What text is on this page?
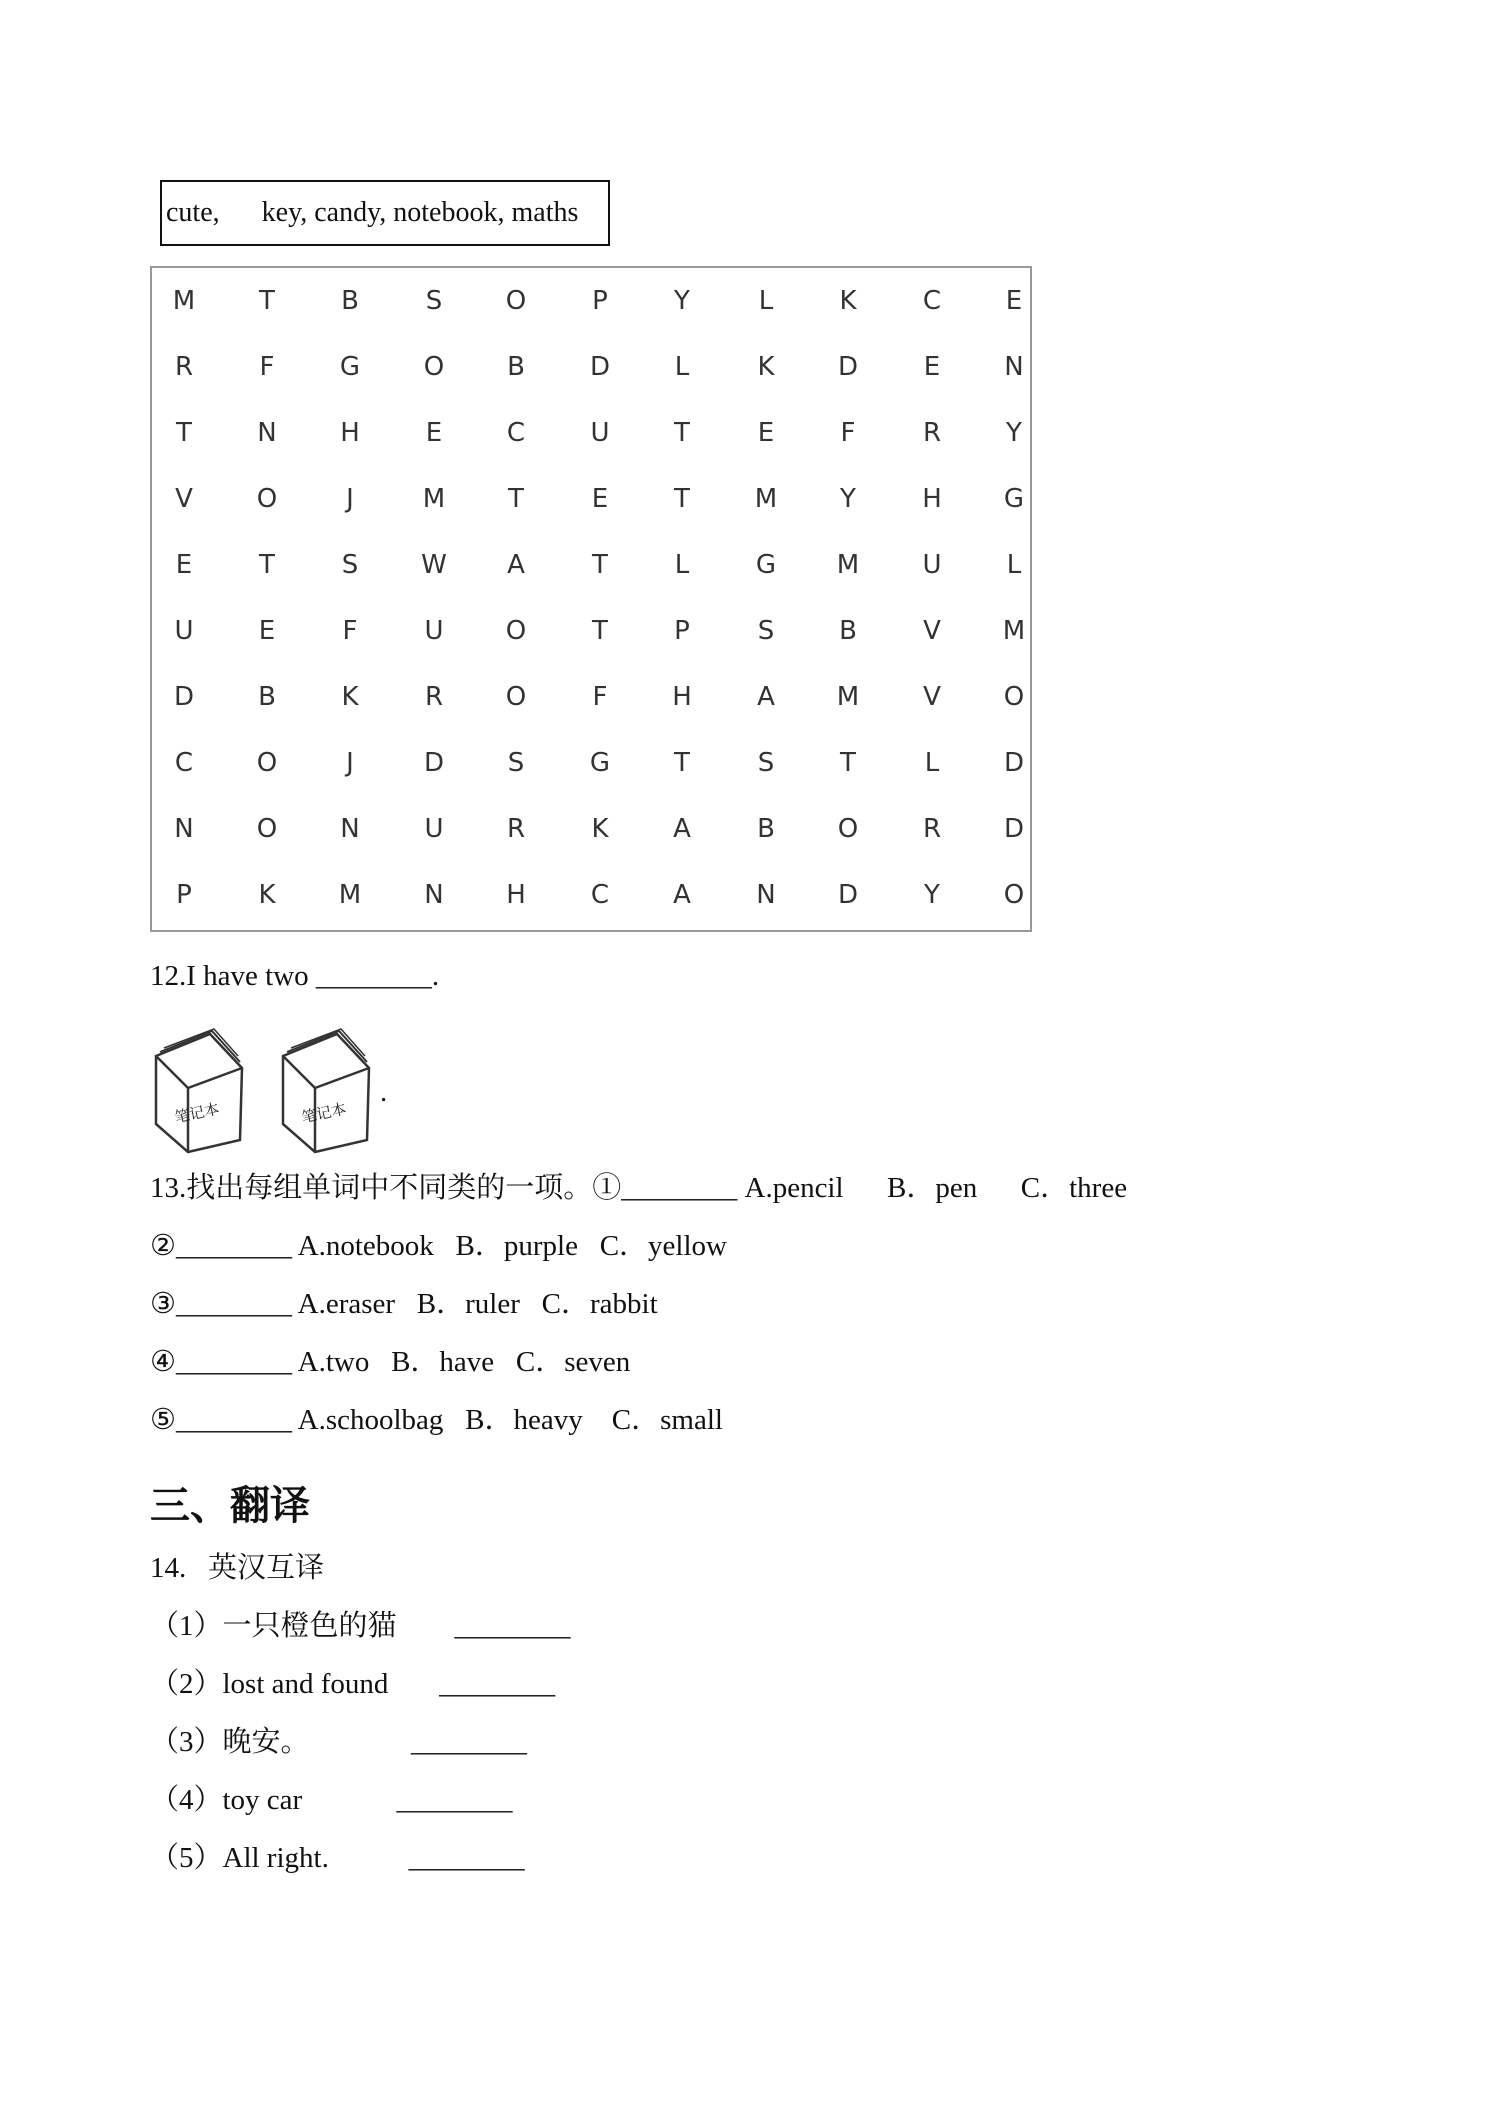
cute,      key, candy, notebook, maths
M	T	B	S	O	P	Y	L	K	C	E
R	F	G	O	B	D	L	K	D	E	N
T	N	H	E	C	U	T	E	F	R	Y
V	O	J	M	T	E	T	M	Y	H	G
E	T	S	W	A	T	L	G	M	U	L
U	E	F	U	O	T	P	S	B	V	M
D	B	K	R	O	F	H	A	M	V	O
C	O	J	D	S	G	T	S	T	L	D
N	O	N	U	R	K	A	B	O	R	D
P	K	M	N	H	C	A	N	D	Y	O
12.I have two ________.
笔记本	笔记本
.
13.找出每组单词中不同类的一项。①________ A.pencil      B．pen      C．three
②________ A.notebook   B．purple   C．yellow
③________ A.eraser   B．ruler   C．rabbit
④________ A.two   B．have   C．seven
⑤________ A.schoolbag   B．heavy    C．small
三、翻译
14.   英汉互译
（1）一只橙色的猫        ________
（2）lost and found       ________
（3）晚安。              ________
（4）toy car             ________
（5）All right.           ________
